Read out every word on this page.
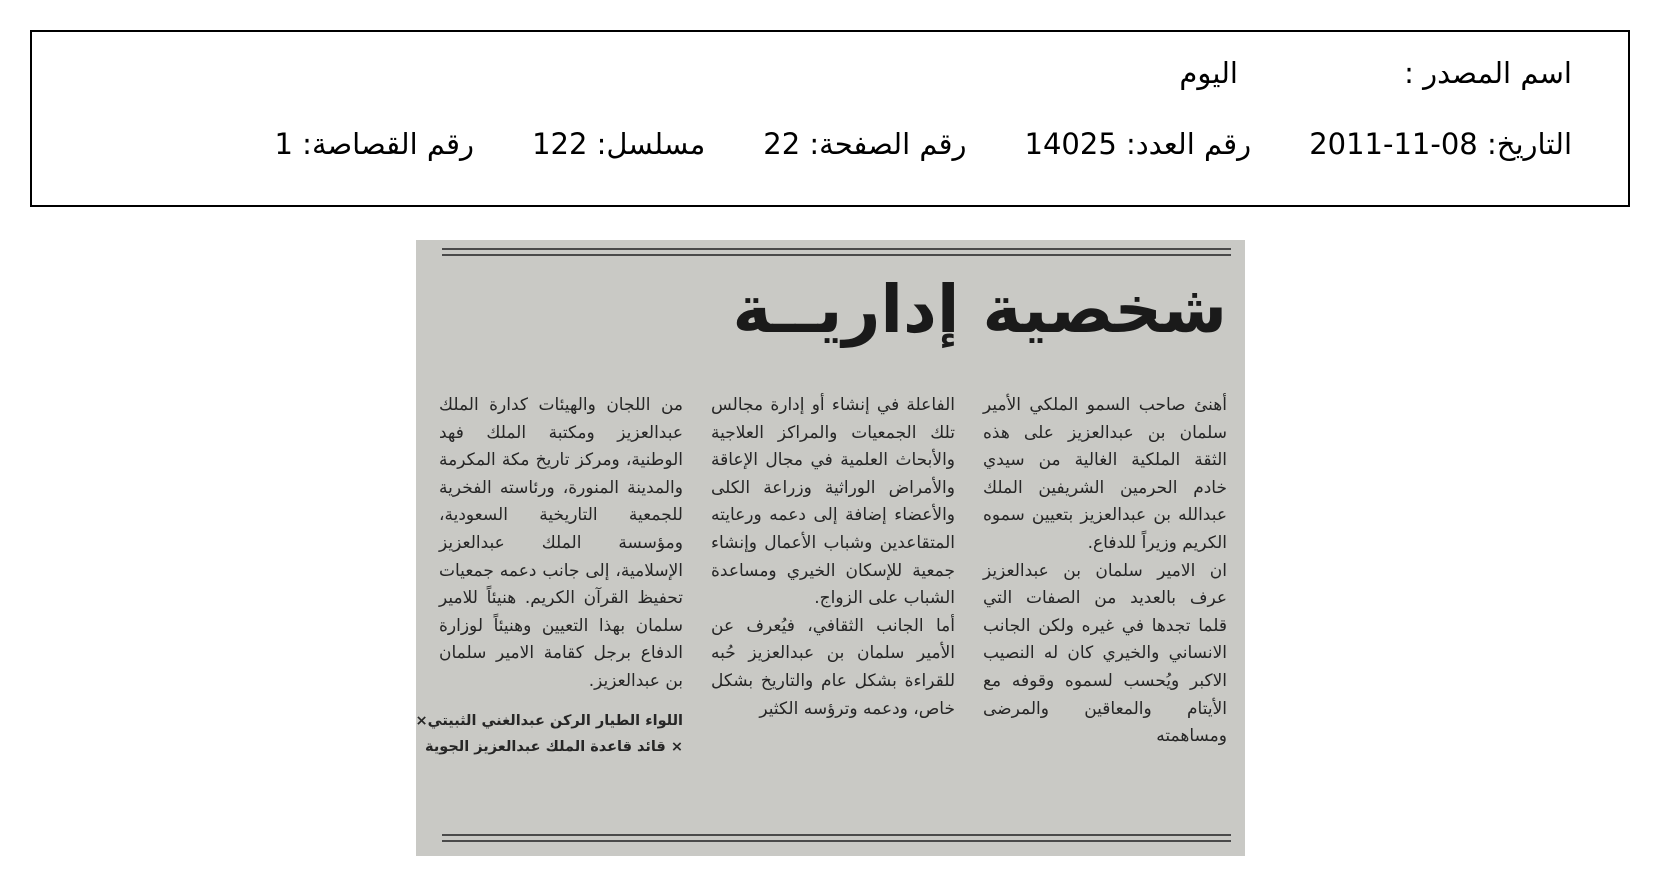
اسم المصدر :
اليوم
التاريخ: 2011-11-08
رقم العدد: 14025
رقم الصفحة: 22
مسلسل: 122
رقم القصاصة: 1
شخصية إداريــة

أهنئ صاحب السمو الملكي الأمير سلمان بن عبدالعزيز على هذه الثقة الملكية الغالية من سيدي خادم الحرمين الشريفين الملك عبدالله بن عبدالعزيز بتعيين سموه الكريم وزيراً للدفاع.

ان الامير سلمان بن عبدالعزيز عرف بالعديد من الصفات التي قلما تجدها في غيره ولكن الجانب الانساني والخيري كان له النصيب الاكبر ويُحسب لسموه وقوفه مع الأيتام والمعاقين والمرضى ومساهمته

الفاعلة في إنشاء أو إدارة مجالس تلك الجمعيات والمراكز العلاجية والأبحاث العلمية في مجال الإعاقة والأمراض الوراثية وزراعة الكلى والأعضاء إضافة إلى دعمه ورعايته المتقاعدين وشباب الأعمال وإنشاء جمعية للإسكان الخيري ومساعدة الشباب على الزواج.

أما الجانب الثقافي، فيُعرف عن الأمير سلمان بن عبدالعزيز حُبه للقراءة بشكل عام والتاريخ بشكل خاص، ودعمه وترؤسه الكثير

من اللجان والهيئات كدارة الملك عبدالعزيز ومكتبة الملك فهد الوطنية، ومركز تاريخ مكة المكرمة والمدينة المنورة، ورئاسته الفخرية للجمعية التاريخية السعودية، ومؤسسة الملك عبدالعزيز الإسلامية، إلى جانب دعمه جمعيات تحفيظ القرآن الكريم. هنيئاً للامير سلمان بهذا التعيين وهنيئاً لوزارة الدفاع برجل كقامة الامير سلمان بن عبدالعزيز.

اللواء الطيار الركن عبدالغني الثبيتي×
× قائد قاعدة الملك عبدالعزيز الجوية
